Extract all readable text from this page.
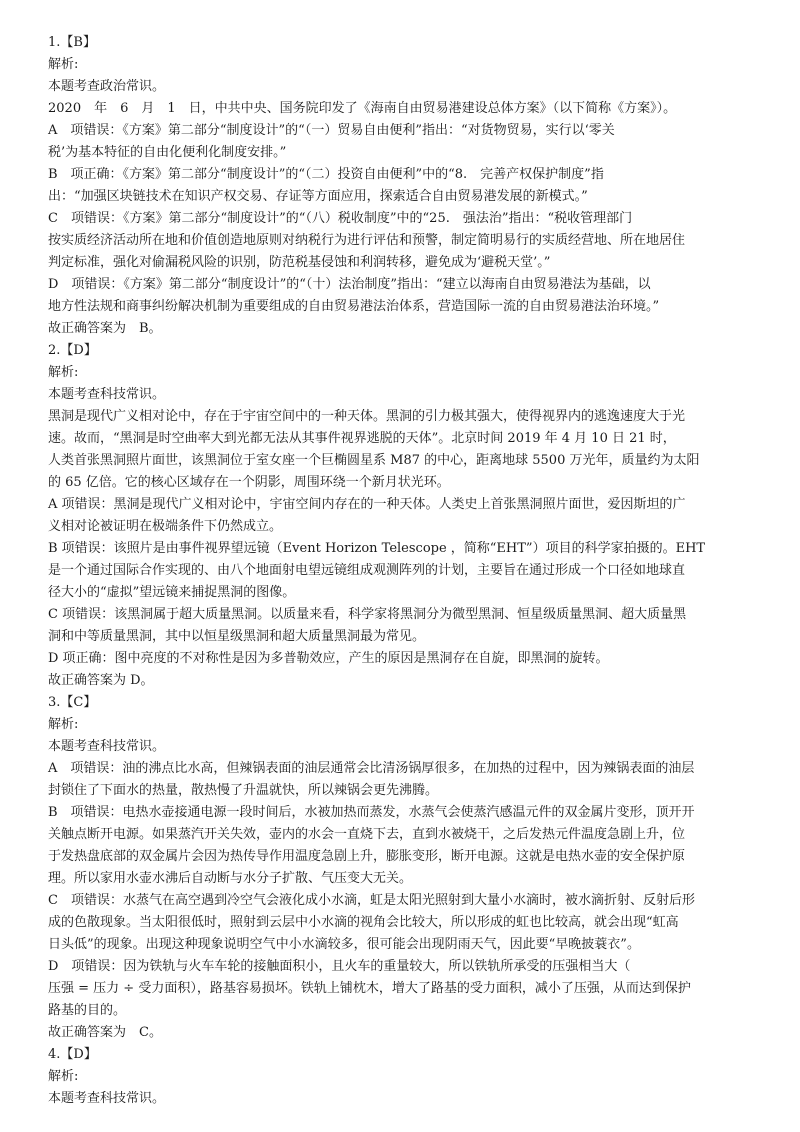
1.【B】
解析:
本题考查政治常识。
2020　年　6　月　1　日，中共中央、国务院印发了《海南自由贸易港建设总体方案》（以下简称《方案》）。
A　项错误：《方案》第二部分“制度设计”的“（一）贸易自由便利”指出：“对货物贸易，实行以‘零关
税’为基本特征的自由化便利化制度安排。”
B　项正确：《方案》第二部分“制度设计”的“（二）投资自由便利”中的“8.　完善产权保护制度”指
出：“加强区块链技术在知识产权交易、存证等方面应用，探索适合自由贸易港发展的新模式。”
C　项错误：《方案》第二部分“制度设计”的“（八）税收制度”中的“25.　强法治”指出：“税收管理部门
按实质经济活动所在地和价值创造地原则对纳税行为进行评估和预警，制定简明易行的实质经营地、所在地居住
判定标准，强化对偷漏税风险的识别，防范税基侵蚀和利润转移，避免成为‘避税天堂’。”
D　项错误：《方案》第二部分“制度设计”的“（十）法治制度”指出：“建立以海南自由贸易港法为基础，以
地方性法规和商事纠纷解决机制为重要组成的自由贸易港法治体系，营造国际一流的自由贸易港法治环境。”
故正确答案为　B。
2.【D】
解析:
本题考查科技常识。
黑洞是现代广义相对论中，存在于宇宙空间中的一种天体。黑洞的引力极其强大，使得视界内的逃逸速度大于光
速。故而，“黑洞是时空曲率大到光都无法从其事件视界逃脱的天体”。北京时间 2019 年 4 月 10 日 21 时，
人类首张黑洞照片面世，该黑洞位于室女座一个巨椭圆星系 M87 的中心，距离地球 5500 万光年，质量约为太阳
的 65 亿倍。它的核心区域存在一个阴影，周围环绕一个新月状光环。
A 项错误：黑洞是现代广义相对论中，宇宙空间内存在的一种天体。人类史上首张黑洞照片面世，爱因斯坦的广
义相对论被证明在极端条件下仍然成立。
B 项错误：该照片是由事件视界望远镜（Event Horizon Telescope ，简称“EHT”）项目的科学家拍摄的。EHT
是一个通过国际合作实现的、由八个地面射电望远镜组成观测阵列的计划，主要旨在通过形成一个口径如地球直
径大小的“虚拟”望远镜来捕捉黑洞的图像。
C 项错误：该黑洞属于超大质量黑洞。以质量来看，科学家将黑洞分为微型黑洞、恒星级质量黑洞、超大质量黑
洞和中等质量黑洞，其中以恒星级黑洞和超大质量黑洞最为常见。
D 项正确：图中亮度的不对称性是因为多普勒效应，产生的原因是黑洞存在自旋，即黑洞的旋转。
故正确答案为 D。
3.【C】
解析:
本题考查科技常识。
A　项错误：油的沸点比水高，但辣锅表面的油层通常会比清汤锅厚很多，在加热的过程中，因为辣锅表面的油层
封锁住了下面水的热量，散热慢了升温就快，所以辣锅会更先沸腾。
B　项错误：电热水壶接通电源一段时间后，水被加热而蒸发，水蒸气会使蒸汽感温元件的双金属片变形，顶开开
关触点断开电源。如果蒸汽开关失效，壶内的水会一直烧下去，直到水被烧干，之后发热元件温度急剧上升，位
于发热盘底部的双金属片会因为热传导作用温度急剧上升，膨胀变形，断开电源。这就是电热水壶的安全保护原
理。所以家用水壶水沸后自动断与水分子扩散、气压变大无关。
C　项错误：水蒸气在高空遇到冷空气会液化成小水滴，虹是太阳光照射到大量小水滴时，被水滴折射、反射后形
成的色散现象。当太阳很低时，照射到云层中小水滴的视角会比较大，所以形成的虹也比较高，就会出现“虹高
日头低”的现象。出现这种现象说明空气中小水滴较多，很可能会出现阴雨天气，因此要“早晚披蓑衣”。
D　项错误：因为铁轨与火车车轮的接触面积小，且火车的重量较大，所以铁轨所承受的压强相当大（
压强 = 压力 ÷ 受力面积），路基容易损坏。铁轨上铺枕木，增大了路基的受力面积，减小了压强，从而达到保护
路基的目的。
故正确答案为　C。
4.【D】
解析:
本题考查科技常识。
